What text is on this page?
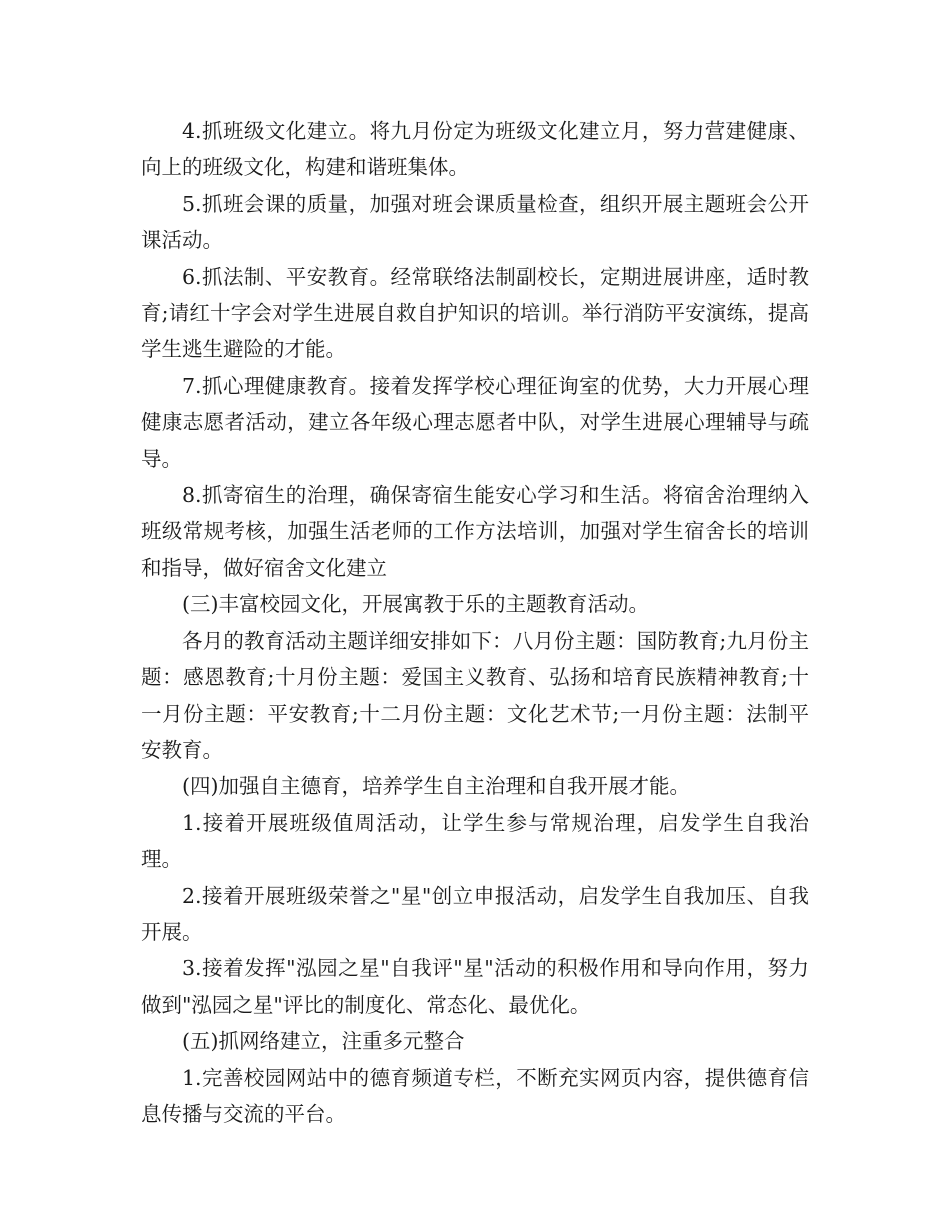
4.抓班级文化建立。将九月份定为班级文化建立月，努力营建健康、向上的班级文化，构建和谐班集体。

5.抓班会课的质量，加强对班会课质量检查，组织开展主题班会公开课活动。

6.抓法制、平安教育。经常联络法制副校长，定期进展讲座，适时教育;请红十字会对学生进展自救自护知识的培训。举行消防平安演练，提高学生逃生避险的才能。

7.抓心理健康教育。接着发挥学校心理征询室的优势，大力开展心理健康志愿者活动，建立各年级心理志愿者中队，对学生进展心理辅导与疏导。

8.抓寄宿生的治理，确保寄宿生能安心学习和生活。将宿舍治理纳入班级常规考核，加强生活老师的工作方法培训，加强对学生宿舍长的培训和指导，做好宿舍文化建立

(三)丰富校园文化，开展寓教于乐的主题教育活动。

各月的教育活动主题详细安排如下：八月份主题：国防教育;九月份主题：感恩教育;十月份主题：爱国主义教育、弘扬和培育民族精神教育;十一月份主题：平安教育;十二月份主题：文化艺术节;一月份主题：法制平安教育。

(四)加强自主德育，培养学生自主治理和自我开展才能。

1.接着开展班级值周活动，让学生参与常规治理，启发学生自我治理。

2.接着开展班级荣誉之"星"创立申报活动，启发学生自我加压、自我开展。

3.接着发挥"泓园之星"自我评"星"活动的积极作用和导向作用，努力做到"泓园之星"评比的制度化、常态化、最优化。

(五)抓网络建立，注重多元整合

1.完善校园网站中的德育频道专栏，不断充实网页内容，提供德育信息传播与交流的平台。
